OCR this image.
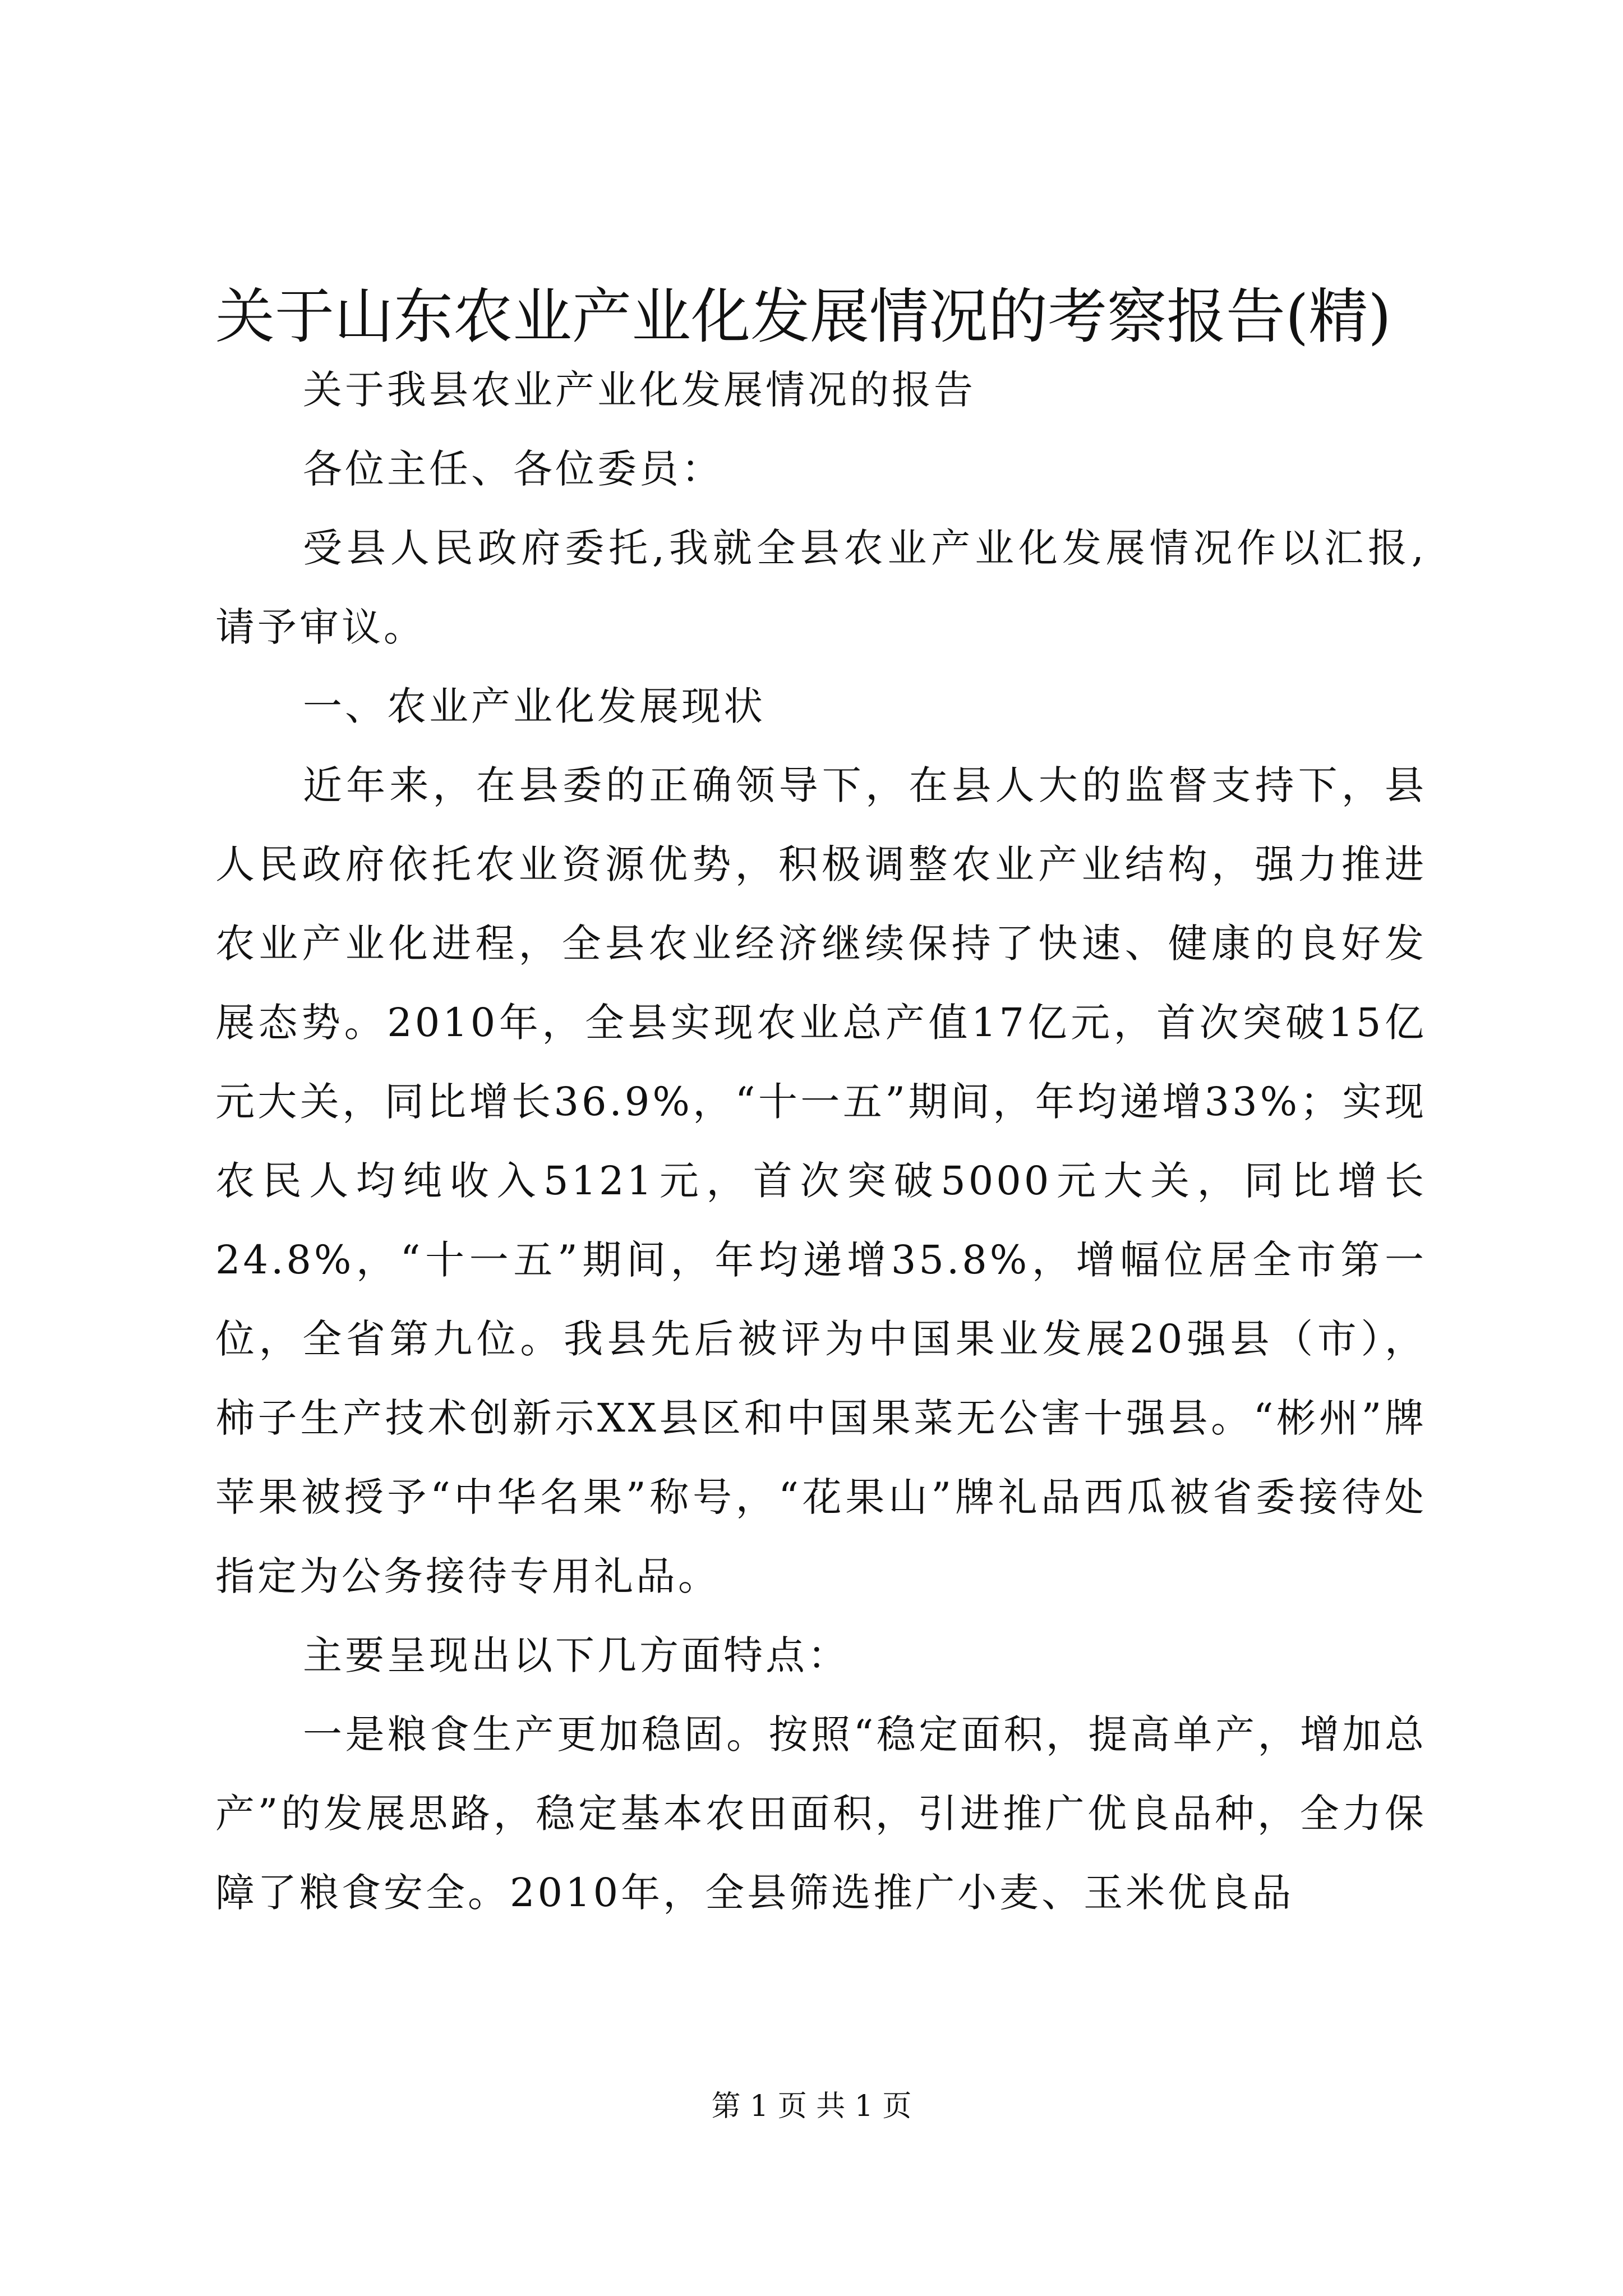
关于山东农业产业化发展情况的考察报告(精)

关于我县农业产业化发展情况的报告

各位主任、各位委员：

受县人民政府委托,我就全县农业产业化发展情况作以汇报,请予审议。

一、农业产业化发展现状

近年来，在县委的正确领导下，在县人大的监督支持下，县人民政府依托农业资源优势，积极调整农业产业结构，强力推进农业产业化进程，全县农业经济继续保持了快速、健康的良好发展态势。2010年，全县实现农业总产值17亿元，首次突破15亿元大关，同比增长36.9%，“十一五”期间，年均递增33%；实现农民人均纯收入5121元，首次突破5000元大关，同比增长24.8%，“十一五”期间，年均递增35.8%，增幅位居全市第一位，全省第九位。我县先后被评为中国果业发展20强县（市），柿子生产技术创新示XX县区和中国果菜无公害十强县。“彬州”牌苹果被授予“中华名果”称号，“花果山”牌礼品西瓜被省委接待处指定为公务接待专用礼品。

主要呈现出以下几方面特点：

一是粮食生产更加稳固。按照“稳定面积，提高单产，增加总产”的发展思路，稳定基本农田面积，引进推广优良品种，全力保障了粮食安全。2010年，全县筛选推广小麦、玉米优良品

第 1 页 共 1 页
